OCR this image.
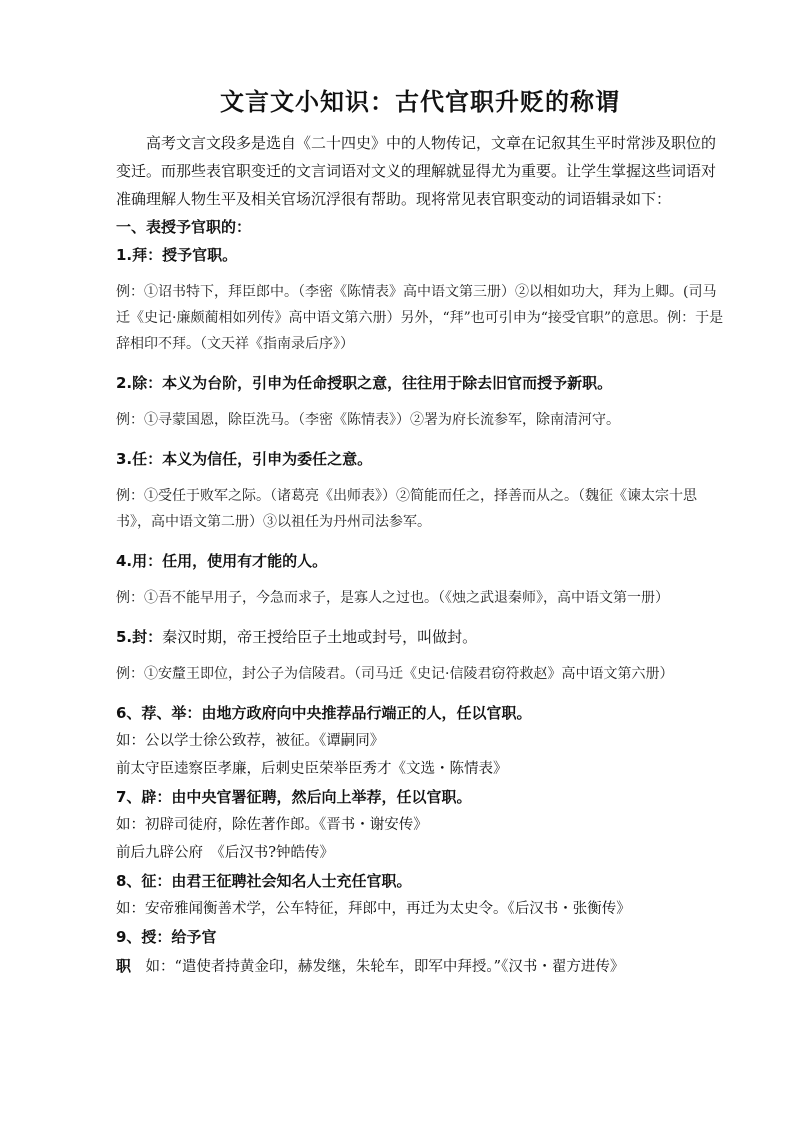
文言文小知识：古代官职升贬的称谓

高考文言文段多是选自《二十四史》中的人物传记，文章在记叙其生平时常涉及职位的变迁。而那些表官职变迁的文言词语对文义的理解就显得尤为重要。让学生掌握这些词语对准确理解人物生平及相关官场沉浮很有帮助。现将常见表官职变动的词语辑录如下：

一、表授予官职的：

1.拜：授予官职。

例：①诏书特下，拜臣郎中。（李密《陈情表》高中语文第三册）②以相如功大，拜为上卿。(司马迁《史记·廉颇蔺相如列传》高中语文第六册）另外，“拜”也可引申为“接受官职”的意思。例：于是辞相印不拜。（文天祥《指南录后序》）

2.除：本义为台阶，引申为任命授职之意，往往用于除去旧官而授予新职。

例：①寻蒙国恩，除臣洗马。（李密《陈情表》）②署为府长流参军，除南清河守。

3.任：本义为信任，引申为委任之意。

例：①受任于败军之际。（诸葛亮《出师表》）②简能而任之，择善而从之。（魏征《谏太宗十思书》，高中语文第二册）③以祖任为丹州司法参军。

4.用：任用，使用有才能的人。

例：①吾不能早用子，今急而求子，是寡人之过也。（《烛之武退秦师》，高中语文第一册）

5.封：秦汉时期，帝王授给臣子土地或封号，叫做封。

例：①安釐王即位，封公子为信陵君。（司马迁《史记·信陵君窃符救赵》高中语文第六册）

6、荐、举：由地方政府向中央推荐品行端正的人，任以官职。

如：公以学士徐公致荐，被征。《谭嗣同》

前太守臣逵察臣孝廉，后刺史臣荣举臣秀才《文选・陈情表》

7、辟：由中央官署征聘，然后向上举荐，任以官职。

如：初辟司徒府，除佐著作郎。《晋书・谢安传》

前后九辟公府　《后汉书?钟皓传》

8、征：由君王征聘社会知名人士充任官职。

如：安帝雅闻衡善术学，公车特征，拜郎中，再迁为太史令。《后汉书・张衡传》

9、授：给予官职　如：“遣使者持黄金印，赫发继，朱轮车，即军中拜授。”《汉书・翟方进传》
